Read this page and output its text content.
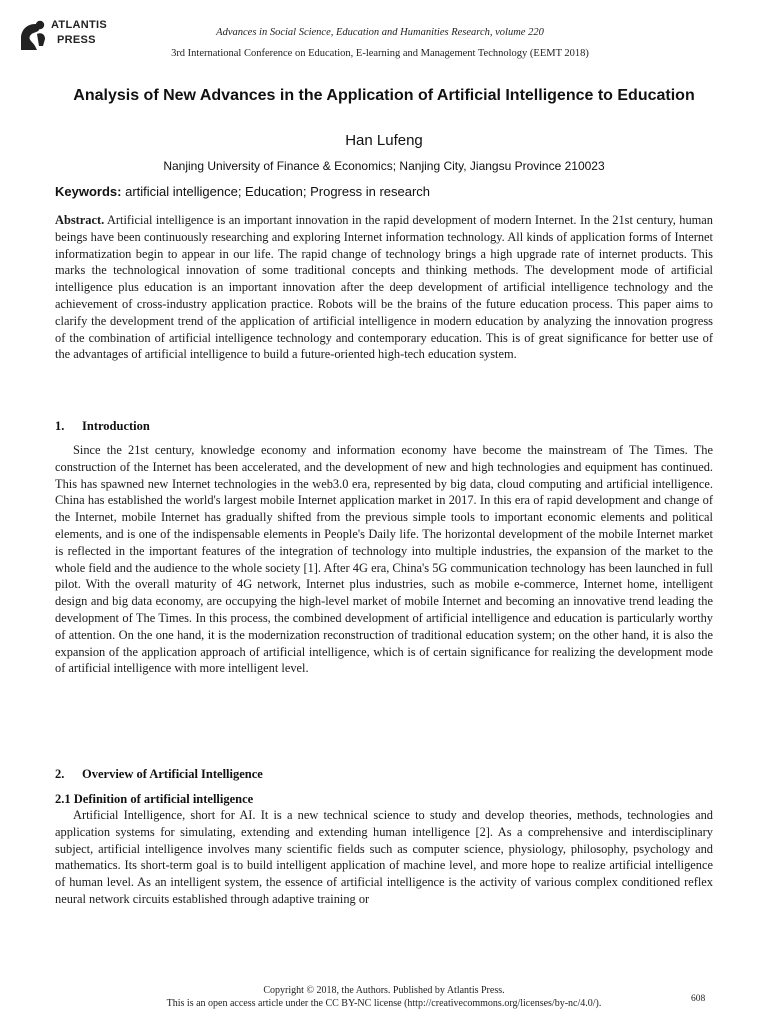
ATLANTIS
PRESS
Advances in Social Science, Education and Humanities Research, volume 220
3rd International Conference on Education, E-learning and Management Technology (EEMT 2018)
Analysis of New Advances in the Application of Artificial Intelligence to Education
Han Lufeng
Nanjing University of Finance & Economics; Nanjing City, Jiangsu Province 210023
Keywords: artificial intelligence; Education; Progress in research
Abstract. Artificial intelligence is an important innovation in the rapid development of modern Internet. In the 21st century, human beings have been continuously researching and exploring Internet information technology. All kinds of application forms of Internet informatization begin to appear in our life. The rapid change of technology brings a high upgrade rate of internet products. This marks the technological innovation of some traditional concepts and thinking methods. The development mode of artificial intelligence plus education is an important innovation after the deep development of artificial intelligence technology and the achievement of cross-industry application practice. Robots will be the brains of the future education process. This paper aims to clarify the development trend of the application of artificial intelligence in modern education by analyzing the innovation progress of the combination of artificial intelligence technology and contemporary education. This is of great significance for better use of the advantages of artificial intelligence to build a future-oriented high-tech education system.
1. Introduction
Since the 21st century, knowledge economy and information economy have become the mainstream of The Times. The construction of the Internet has been accelerated, and the development of new and high technologies and equipment has continued. This has spawned new Internet technologies in the web3.0 era, represented by big data, cloud computing and artificial intelligence. China has established the world's largest mobile Internet application market in 2017. In this era of rapid development and change of the Internet, mobile Internet has gradually shifted from the previous simple tools to important economic elements and political elements, and is one of the indispensable elements in People's Daily life. The horizontal development of the mobile Internet market is reflected in the important features of the integration of technology into multiple industries, the expansion of the market to the whole field and the audience to the whole society [1]. After 4G era, China's 5G communication technology has been launched in full pilot. With the overall maturity of 4G network, Internet plus industries, such as mobile e-commerce, Internet home, intelligent design and big data economy, are occupying the high-level market of mobile Internet and becoming an innovative trend leading the development of The Times. In this process, the combined development of artificial intelligence and education is particularly worthy of attention. On the one hand, it is the modernization reconstruction of traditional education system; on the other hand, it is also the expansion of the application approach of artificial intelligence, which is of certain significance for realizing the development mode of artificial intelligence with more intelligent level.
2. Overview of Artificial Intelligence
2.1 Definition of artificial intelligence
Artificial Intelligence, short for AI. It is a new technical science to study and develop theories, methods, technologies and application systems for simulating, extending and extending human intelligence [2]. As a comprehensive and interdisciplinary subject, artificial intelligence involves many scientific fields such as computer science, physiology, philosophy, psychology and mathematics. Its short-term goal is to build intelligent application of machine level, and more hope to realize artificial intelligence of human level. As an intelligent system, the essence of artificial intelligence is the activity of various complex conditioned reflex neural network circuits established through adaptive training or
Copyright © 2018, the Authors. Published by Atlantis Press.
This is an open access article under the CC BY-NC license (http://creativecommons.org/licenses/by-nc/4.0/).	608
